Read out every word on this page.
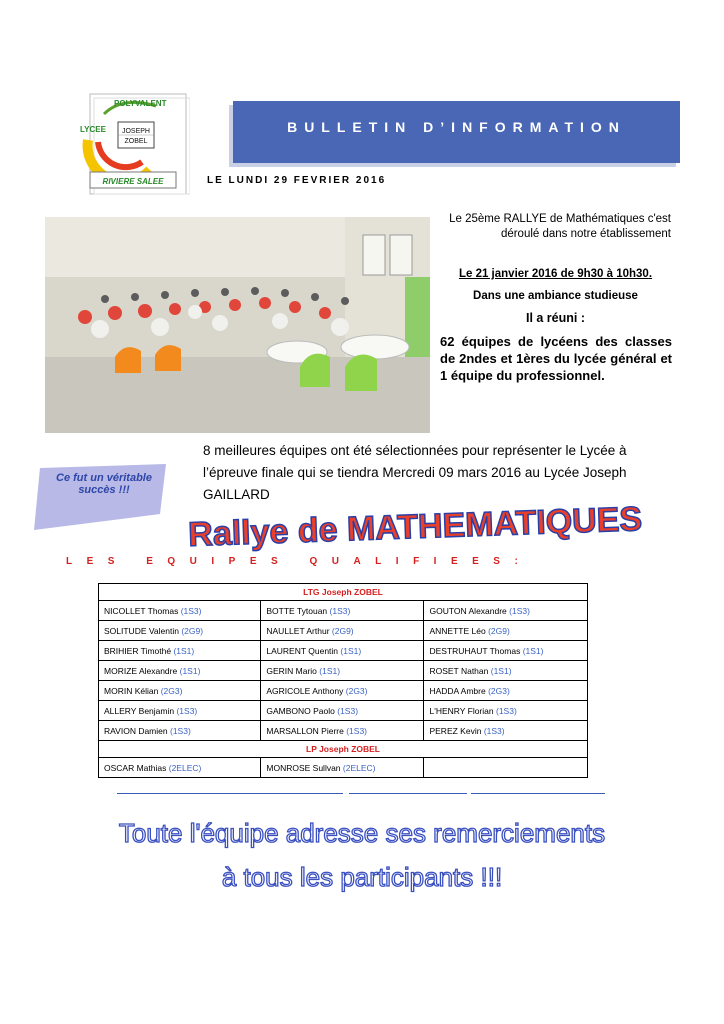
LYCEE
POLYVALENT
JOSEPH
ZOBEL
RIVIERE SALEE
BULLETIN D’INFORMATION
LE LUNDI 29 FEVRIER 2016
Le 25ème RALLYE de Mathématiques c'est déroulé dans notre établissement
Le 21 janvier 2016 de 9h30 à 10h30.
Dans une ambiance studieuse
Il a réuni :
62 équipes de lycéens des classes de 2ndes et 1ères du lycée général et 1 équipe du professionnel.
8 meilleures équipes ont été sélectionnées pour représenter le Lycée à l’épreuve finale qui se tiendra Mercredi 09 mars 2016 au Lycée Joseph GAILLARD
Ce fut un véritable
succès !!!
Rallye de MATHEMATIQUES
LES EQUIPES QUALIFIEES:
LTG Joseph ZOBEL		
NICOLLET Thomas (1S3)	BOTTE Tytouan (1S3)	GOUTON Alexandre (1S3)
SOLITUDE Valentin (2G9)	NAULLET Arthur (2G9)	ANNETTE Léo (2G9)
BRIHIER Timothé (1S1)	LAURENT Quentin (1S1)	DESTRUHAUT Thomas (1S1)
MORIZE Alexandre (1S1)	GERIN Mario (1S1)	ROSET Nathan (1S1)
MORIN Kélian (2G3)	AGRICOLE Anthony (2G3)	HADDA Ambre (2G3)
ALLERY Benjamin (1S3)	GAMBONO Paolo (1S3)	L'HENRY Florian (1S3)
RAVION Damien (1S3)	MARSALLON Pierre (1S3)	PEREZ Kevin (1S3)
LP Joseph ZOBEL		
OSCAR Mathias (2ELEC)	MONROSE Sullvan (2ELEC)	
Toute l'équipe adresse ses remerciements
à tous les participants !!!
